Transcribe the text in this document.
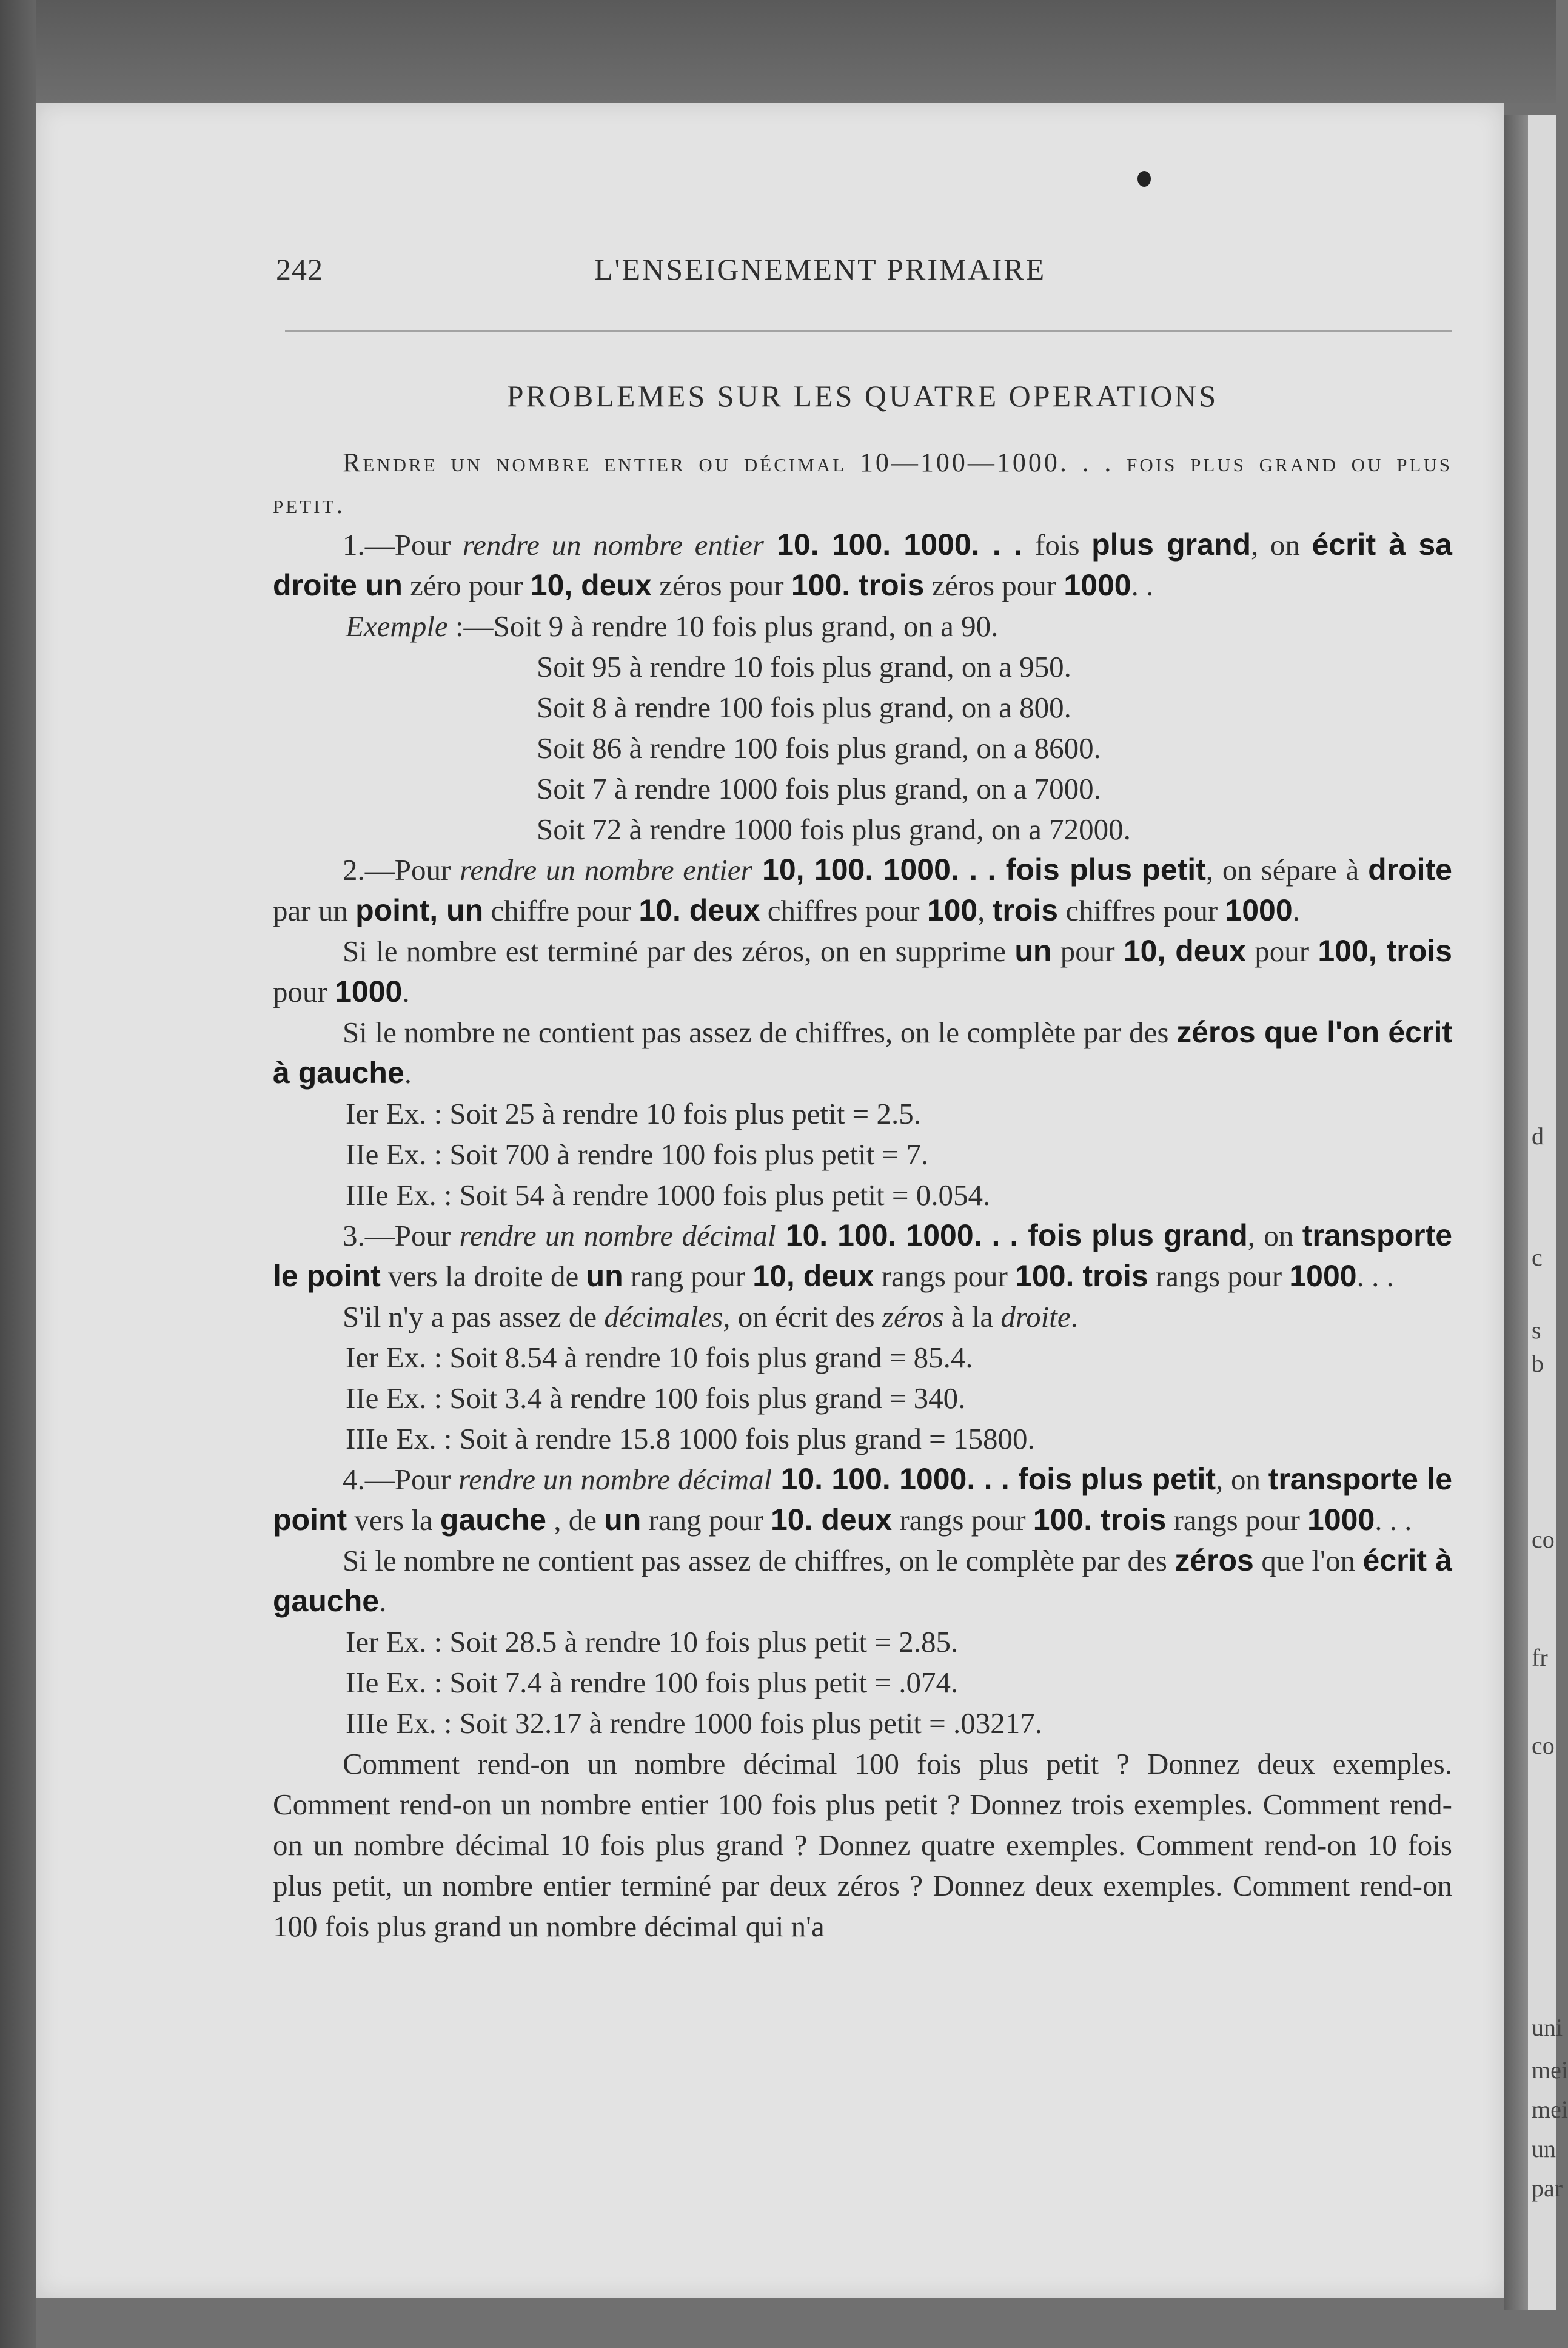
d
c
s
b
co
fr
co
uni
mei
mei
un
par
242	L'ENSEIGNEMENT PRIMAIRE

PROBLEMES SUR LES QUATRE OPERATIONS

Rendre un nombre entier ou décimal 10—100—1000. . . fois plus grand ou plus petit.

1.—Pour rendre un nombre entier 10. 100. 1000. . . fois plus grand, on écrit à sa droite un zéro pour 10, deux zéros pour 100. trois zéros pour 1000. .

Exemple :—Soit 9 à rendre 10 fois plus grand, on a 90.

Soit 95 à rendre 10 fois plus grand, on a 950.

Soit 8 à rendre 100 fois plus grand, on a 800.

Soit 86 à rendre 100 fois plus grand, on a 8600.

Soit 7 à rendre 1000 fois plus grand, on a 7000.

Soit 72 à rendre 1000 fois plus grand, on a 72000.

2.—Pour rendre un nombre entier 10, 100. 1000. . . fois plus petit, on sépare à droite par un point, un chiffre pour 10. deux chiffres pour 100, trois chiffres pour 1000.

Si le nombre est terminé par des zéros, on en supprime un pour 10, deux pour 100, trois pour 1000.

Si le nombre ne contient pas assez de chiffres, on le complète par des zéros que l'on écrit à gauche.

Ier Ex. : Soit 25 à rendre 10 fois plus petit = 2.5.

IIe Ex. : Soit 700 à rendre 100 fois plus petit = 7.

IIIe Ex. : Soit 54 à rendre 1000 fois plus petit = 0.054.

3.—Pour rendre un nombre décimal 10. 100. 1000. . . fois plus grand, on transporte le point vers la droite de un rang pour 10, deux rangs pour 100. trois rangs pour 1000. . .

S'il n'y a pas assez de décimales, on écrit des zéros à la droite.

Ier Ex. : Soit 8.54 à rendre 10 fois plus grand = 85.4.

IIe Ex. : Soit 3.4 à rendre 100 fois plus grand = 340.

IIIe Ex. : Soit à rendre 15.8 1000 fois plus grand = 15800.

4.—Pour rendre un nombre décimal 10. 100. 1000. . . fois plus petit, on transporte le point vers la gauche , de un rang pour 10. deux rangs pour 100. trois rangs pour 1000. . .

Si le nombre ne contient pas assez de chiffres, on le complète par des zéros que l'on écrit à gauche.

Ier Ex. : Soit 28.5 à rendre 10 fois plus petit = 2.85.

IIe Ex. : Soit 7.4 à rendre 100 fois plus petit = .074.

IIIe Ex. : Soit 32.17 à rendre 1000 fois plus petit = .03217.

Comment rend-on un nombre décimal 100 fois plus petit ? Donnez deux exemples. Comment rend-on un nombre entier 100 fois plus petit ? Donnez trois exemples. Comment rend-on un nombre décimal 10 fois plus grand ? Donnez quatre exemples. Comment rend-on 10 fois plus petit, un nombre entier terminé par deux zéros ? Donnez deux exemples. Comment rend-on 100 fois plus grand un nombre décimal qui n'a
